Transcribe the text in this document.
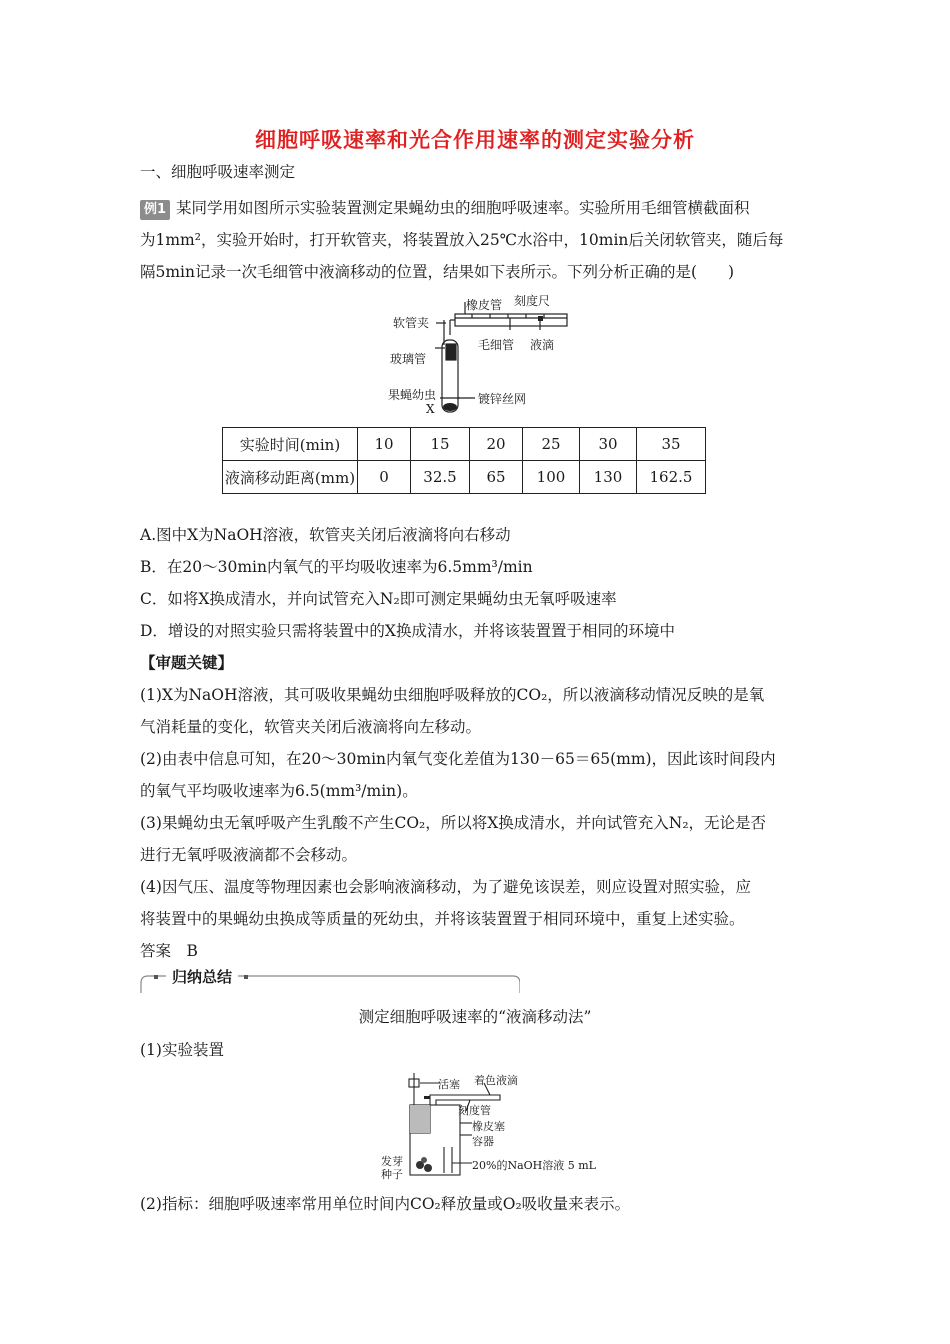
细胞呼吸速率和光合作用速率的测定实验分析
一、细胞呼吸速率测定
例1 某同学用如图所示实验装置测定果蝇幼虫的细胞呼吸速率。实验所用毛细管横截面积
为1mm²，实验开始时，打开软管夹，将装置放入25℃水浴中，10min后关闭软管夹，随后每
隔5min记录一次毛细管中液滴移动的位置，结果如下表所示。下列分析正确的是(　　)
橡皮管 刻度尺
软管夹
毛细管 液滴
玻璃管
果蝇幼虫
X
镀锌丝网
实验时间(min)	10	15	20	25	30	35
液滴移动距离(mm)	0	32.5	65	100	130	162.5
A.图中X为NaOH溶液，软管夹关闭后液滴将向右移动
B．在20～30min内氧气的平均吸收速率为6.5mm³/min
C．如将X换成清水，并向试管充入N₂即可测定果蝇幼虫无氧呼吸速率
D．增设的对照实验只需将装置中的X换成清水，并将该装置置于相同的环境中
【审题关键】
(1)X为NaOH溶液，其可吸收果蝇幼虫细胞呼吸释放的CO₂，所以液滴移动情况反映的是氧
气消耗量的变化，软管夹关闭后液滴将向左移动。
(2)由表中信息可知，在20～30min内氧气变化差值为130－65＝65(mm)，因此该时间段内
的氧气平均吸收速率为6.5(mm³/min)。
(3)果蝇幼虫无氧呼吸产生乳酸不产生CO₂，所以将X换成清水，并向试管充入N₂，无论是否
进行无氧呼吸液滴都不会移动。
(4)因气压、温度等物理因素也会影响液滴移动，为了避免该误差，则应设置对照实验，应
将装置中的果蝇幼虫换成等质量的死幼虫，并将该装置置于相同环境中，重复上述实验。
答案　B
归纳总结
测定细胞呼吸速率的“液滴移动法”
(1)实验装置
活塞 着色液滴
刻度管
橡皮塞
容器
20%的NaOH溶液 5 mL
发芽
种子
(2)指标：细胞呼吸速率常用单位时间内CO₂释放量或O₂吸收量来表示。
